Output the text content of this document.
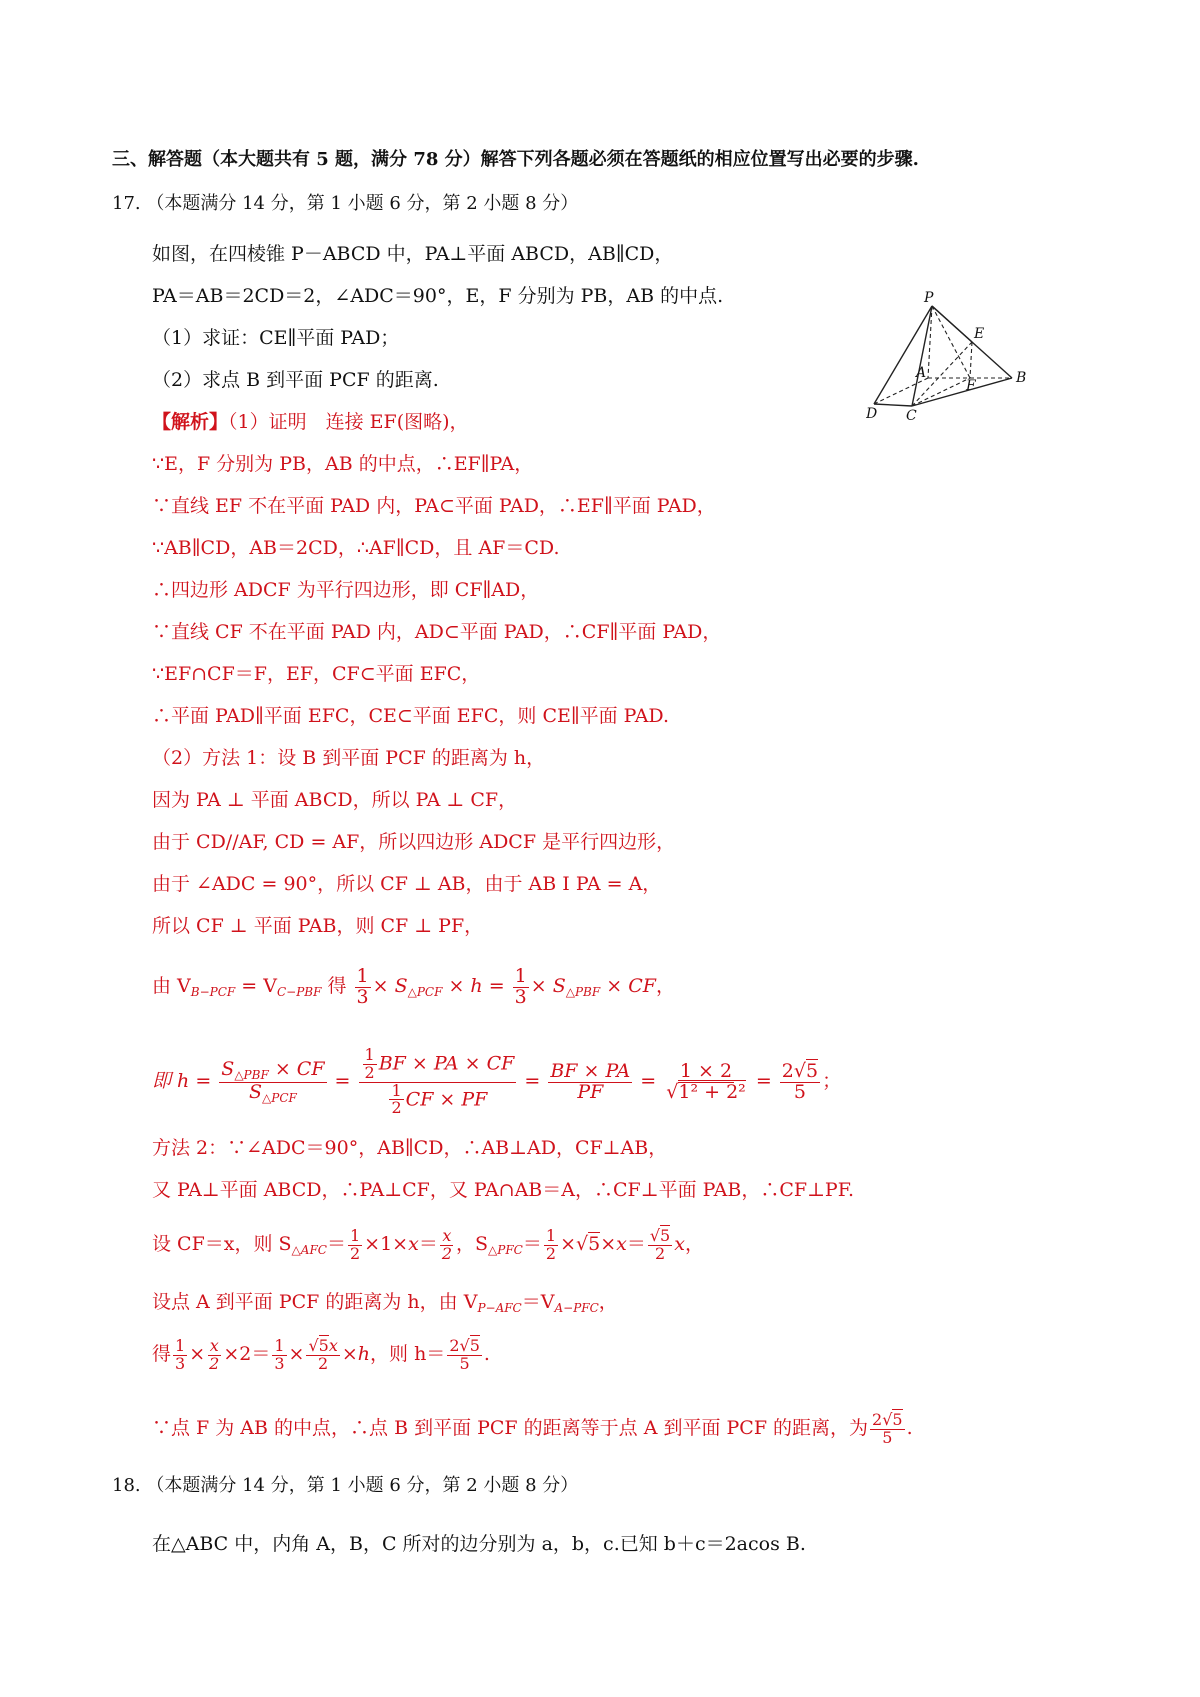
三、解答题（本大题共有 5 题，满分 78 分）解答下列各题必须在答题纸的相应位置写出必要的步骤.
17. （本题满分 14 分，第 1 小题 6 分，第 2 小题 8 分）
如图，在四棱锥 P－ABCD 中，PA⊥平面 ABCD，AB∥CD，
PA＝AB＝2CD＝2，∠ADC＝90°，E，F 分别为 PB，AB 的中点.
（1）求证：CE∥平面 PAD；
（2）求点 B 到平面 PCF 的距离.
P
E
A
F	B
D C
【解析】（1）证明　连接 EF(图略)，
∵E，F 分别为 PB，AB 的中点，∴EF∥PA，
∵直线 EF 不在平面 PAD 内，PA⊂平面 PAD，∴EF∥平面 PAD，
∵AB∥CD，AB＝2CD，∴AF∥CD，且 AF＝CD.
∴四边形 ADCF 为平行四边形，即 CF∥AD，
∵直线 CF 不在平面 PAD 内，AD⊂平面 PAD，∴CF∥平面 PAD，
∵EF∩CF＝F，EF，CF⊂平面 EFC，
∴平面 PAD∥平面 EFC，CE⊂平面 EFC，则 CE∥平面 PAD.
（2）方法 1：设 B 到平面 PCF 的距离为 h，
因为 PA ⊥ 平面 ABCD，所以 PA ⊥ CF，
由于 CD//AF, CD = AF，所以四边形 ADCF 是平行四边形，
由于 ∠ADC = 90°，所以 CF ⊥ AB，由于 AB I PA = A，
所以 CF ⊥ 平面 PAB，则 CF ⊥ PF，
由 $V_{B-PCF} = V_{C-PBF}$ 得 $\frac{1}{3} \times S_{\triangle PCF} \times h = \frac{1}{3} \times S_{\triangle PBF}$ × CF，
即 $h = \frac{S_{\triangle PBF} \times CF}{S_{\triangle PCF}} = \frac{\frac{1}{2} BF \times PA \times CF}{\frac{1}{2} CF \times PF} = \frac{BF \times PA}{PF} = \frac{1 \times 2}{\text{√1² + 2²}} = \frac{2√5}{5}$ ；
方法 2：∵∠ADC＝90°，AB∥CD，∴AB⊥AD，CF⊥AB，
又 PA⊥平面 ABCD，∴PA⊥CF，又 PA∩AB＝A，∴CF⊥平面 PAB，∴CF⊥PF.
设 CF＝x，则 $S_{\triangle AFC}= \frac{1}{2} \times 1\times x= \frac{x}{2}$ ，$S_{\triangle PFC}= \frac{1}{2} \times√5\times x= \frac{√5}{2}$ x，
设点 A 到平面 PCF 的距离为 h，由 $V_{P-AFC}=V_{A-PFC}$，
得 $\frac{1}{3} \times \frac{x}{2} \times 2= \frac{1}{3} \times \frac{√5x}{2} \times h$，则 $h= \frac{2√5}{5}$ .
∵点 F 为 AB 的中点，∴点 B 到平面 PCF 的距离等于点 A 到平面 PCF 的距离，为 $\frac{2√5}{5}$ .
18. （本题满分 14 分，第 1 小题 6 分，第 2 小题 8 分）
在△ABC 中，内角 A，B，C 所对的边分别为 a，b，c.已知 b＋c＝2acos B.
